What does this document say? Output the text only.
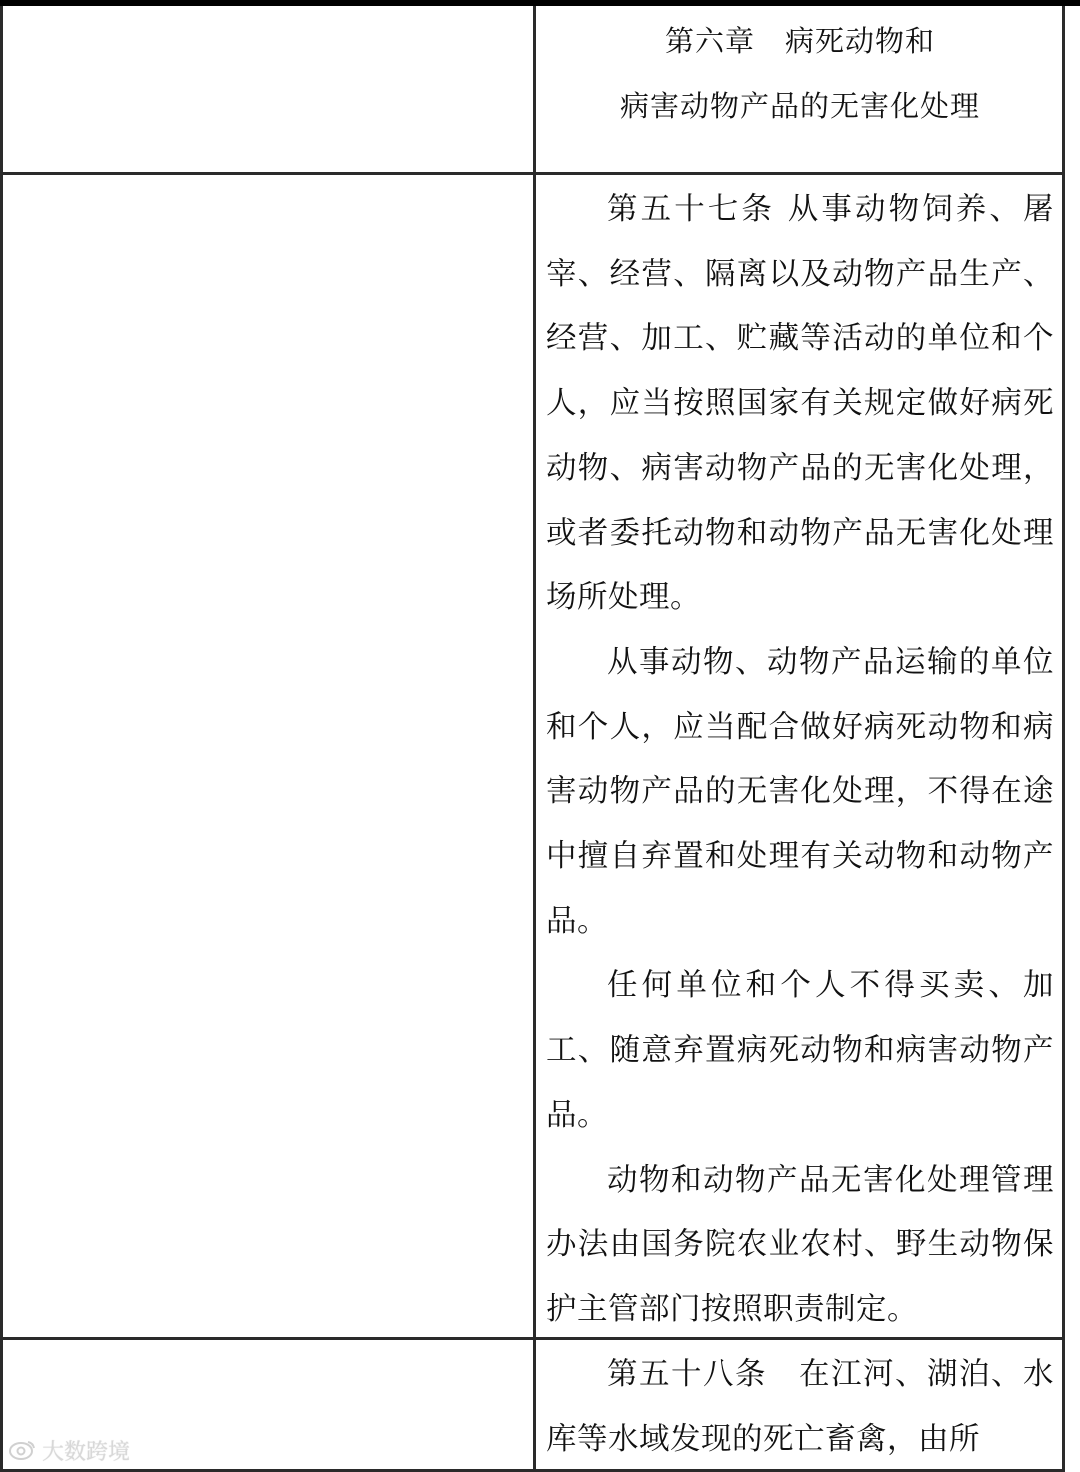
第六章　病死动物和
病害动物产品的无害化处理

第五十七条 从事动物饲养、屠宰、经营、隔离以及动物产品生产、经营、加工、贮藏等活动的单位和个人，应当按照国家有关规定做好病死动物、病害动物产品的无害化处理，或者委托动物和动物产品无害化处理场所处理。

从事动物、动物产品运输的单位和个人，应当配合做好病死动物和病害动物产品的无害化处理，不得在途中擅自弃置和处理有关动物和动物产品。

任何单位和个人不得买卖、加工、随意弃置病死动物和病害动物产品。

动物和动物产品无害化处理管理办法由国务院农业农村、野生动物保护主管部门按照职责制定。

第五十八条　在江河、湖泊、水库等水域发现的死亡畜禽，由所

大数跨境
